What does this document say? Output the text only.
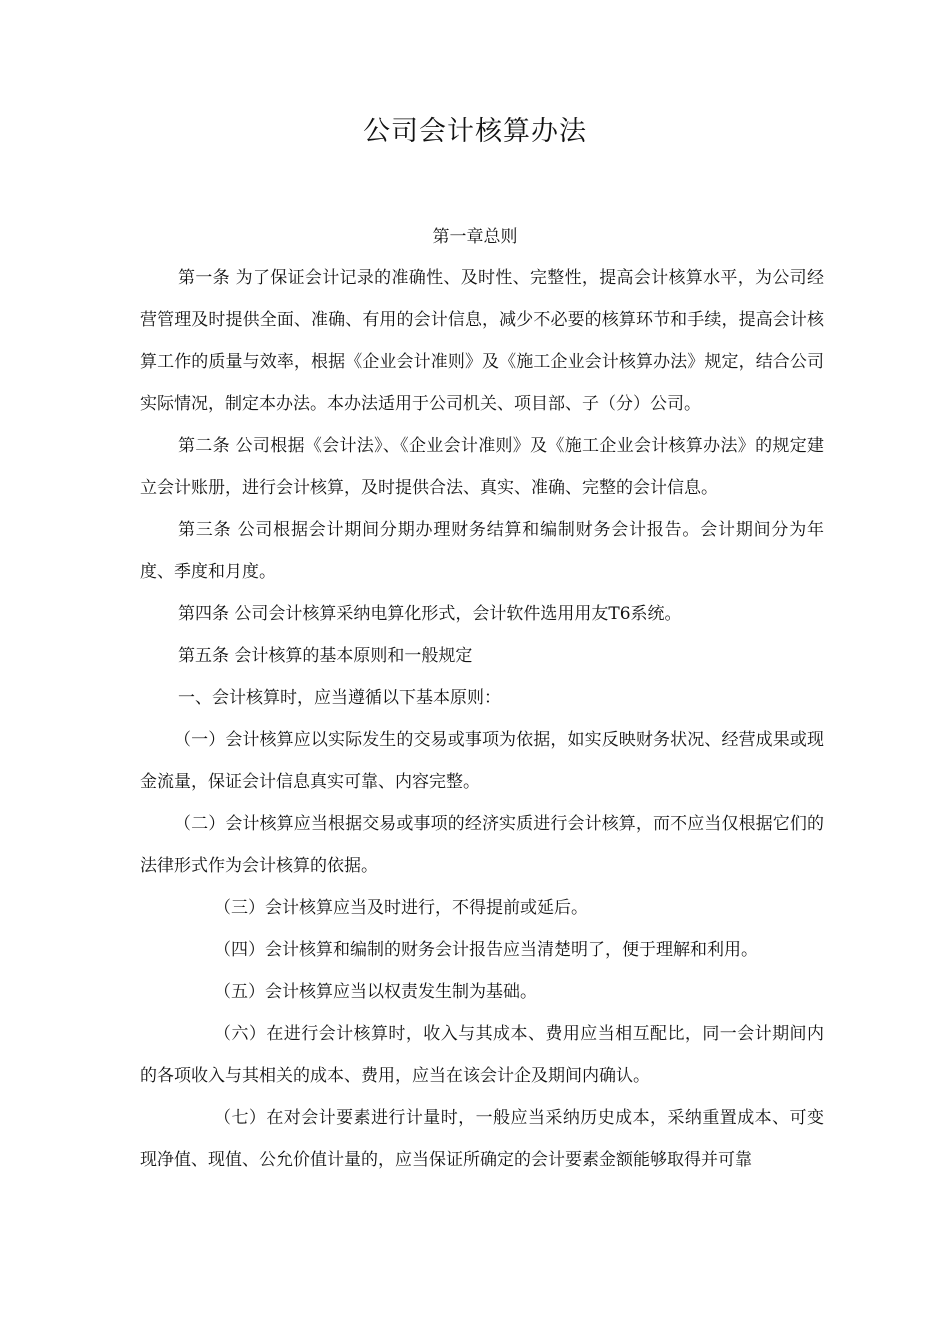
公司会计核算办法
第一章总则

第一条 为了保证会计记录的准确性、及时性、完整性，提高会计核算水平，为公司经营管理及时提供全面、准确、有用的会计信息，减少不必要的核算环节和手续，提高会计核算工作的质量与效率，根据《企业会计准则》及《施工企业会计核算办法》规定，结合公司实际情况，制定本办法。本办法适用于公司机关、项目部、子（分）公司。

第二条 公司根据《会计法》、《企业会计准则》及《施工企业会计核算办法》的规定建立会计账册，进行会计核算，及时提供合法、真实、准确、完整的会计信息。

第三条 公司根据会计期间分期办理财务结算和编制财务会计报告。会计期间分为年度、季度和月度。

第四条 公司会计核算采纳电算化形式，会计软件选用用友T6系统。

第五条 会计核算的基本原则和一般规定

一、会计核算时，应当遵循以下基本原则：

（一）会计核算应以实际发生的交易或事项为依据，如实反映财务状况、经营成果或现金流量，保证会计信息真实可靠、内容完整。

（二）会计核算应当根据交易或事项的经济实质进行会计核算，而不应当仅根据它们的法律形式作为会计核算的依据。

（三）会计核算应当及时进行，不得提前或延后。

（四）会计核算和编制的财务会计报告应当清楚明了，便于理解和利用。

（五）会计核算应当以权责发生制为基础。

（六）在进行会计核算时，收入与其成本、费用应当相互配比，同一会计期间内的各项收入与其相关的成本、费用，应当在该会计企及期间内确认。

（七）在对会计要素进行计量时，一般应当采纳历史成本，采纳重置成本、可变现净值、现值、公允价值计量的，应当保证所确定的会计要素金额能够取得并可靠
